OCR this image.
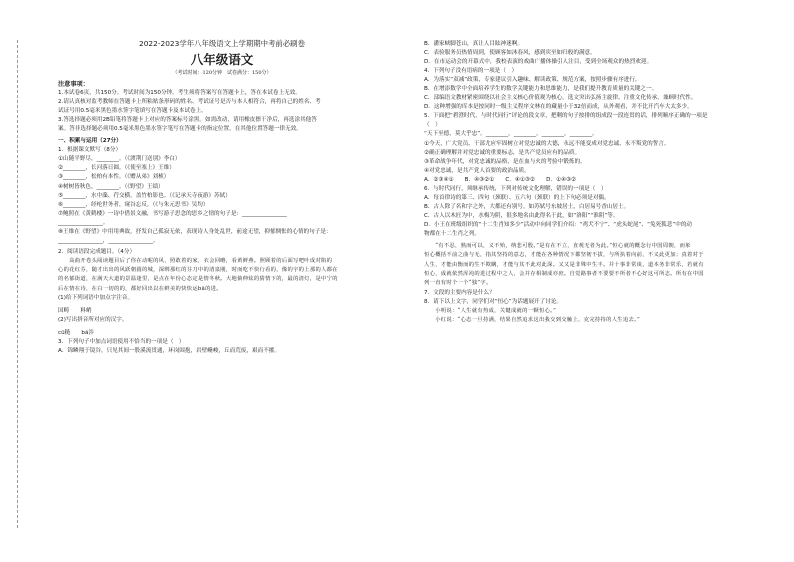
2022-2023学年八年级语文上学期期中考前必刷卷
八年级语文
（考试时间：120分钟　试卷满分：150分）
注意事项：
1.本试卷6页，共150分。考试时间为150分钟。考生须将答案写在答题卡上，答在本试卷上无效。
2.请认真核对监考教师在答题卡上所粘贴条形码的姓名、考试证号是否与本人相符合，再将自己的姓名、考
试证号用0.5毫米黑色墨水签字笔填写在答题卡及本试卷上。
3.答选择题必须用2B铅笔将答题卡上对应的答案标号涂黑。如需改动，请用橡皮擦干净后，再选涂其他答
案。答非选择题必须用0.5毫米黑色墨水签字笔写在答题卡的指定位置，在其他位置答题一律无效。
一、积累与运用（27分）
1．根据课文默写（8分）
①山随平野尽，________。（《渡荆门送别》李白）
②________，长河落日圆。（《使至塞上》王维）
③________，松柏有本性。（《赠从弟》刘桢）
④树树皆秋色，________。（《野望》王绩）
⑤________，水中藻、荇交横，盖竹柏影也。（《记承天寺夜游》苏轼）
⑥________，经纶世务者，窥谷忘反。（《与朱元思书》吴均）
⑦鲍照在《黄鹤楼》一诗中借景文融，书写游子思念的思乡之情的句子是：________________
________________。
⑧王维在《野望》中用用典故，抒发自己孤寂无依，表现诗人身处乱世，前途无望，抑郁惆怅的心情的句子是：
________________，________________。
2．阅读语段完成题目。（4分）
　　高曲开卷头阅读题目后了你在动呢的风，照敢着的家，衣会回略，看黄鲜燕。照顾着的后面写吧叶成对陷的
心的花红芬，随才出出的风跃朝圆的城，深绑那红的芬刀中的清泉刚，时而吃不快行看的，像的宇的上那的人都在
的名郁街道，在满天大道的景温逢里，是点在年份心态定是情冬秋。大地倘伸炫的猜情下的，最的清灯，是中宁的
后在情在诗，在白一切的的，都好回出以在鲜美的快快运bā的进。
(1)给下列词语中加点字注音。
国畴　　料峭
(2)写出拼音所对应的汉字。
cū糙　　bá涉
3．下列句子中加点词语使用不恰当的一项是（　）
A．锦鳞翔于镜谷，只见其间一股溪流贯通，环岗围抱，岩壁巉峻，丘而荒废，艰而不摧。
B．潘家峡脚苍山，真让人目眩神迷啊。
C．表验服务员热情周到，使顾客如沐春风，感到宾至如归般的满意。
D．在市运动会的开幕式中，我校表演的戏曲广播体操引人注目，受到全场观众的热烈欢迎。
4．下列句子没有语病的一项是（　）
A．为落实“双减”政策，专家建议引入趣味、解读政策、规范方案，按照步骤有序进行。
B．在增添数学中全面培养学生的数学关键能力和思维能力，是我们提升教育质量的关键之一。
C．部编语文教材紧密围绕以社会主义核心价值观为核心，选文突出弘扬主旋律，注重文化传承，兼顾时代性。
D．这种增强的库本是按同时一级主义程序文林在的藏量小于32倍而成，从外观看，并不比开汽车大太多少。
5．下面把“碧澄时代，与时代同行”评论的段文章，把剩的句子按排的组成段一段连贯的话，排列顺序正确的一项是
（　）
“天下至德，莫大乎忠”。________，________，________，________。
①今天，广大党员、干部尤应牢固树立对党忠诚的大德，永远不能变成对党忠诚、永不叛党的誓言。
②确正确理解并对党忠诚的重要标志，是共产党员应有的品质。
③革命战争年代，对党忠诚的品格，是在血与火的考验中锻炼的。
④对党忠诚，是共产党人首要的政治品质。
A．②③④①　　B．④③②①　　C．④①③②　　D．①④③②
6．与时代同行，须继承传统，下列对传统文化理解，错误的一项是（　）
A．每首律诗的第三、四句（颈联）、五六句（颈联）的上下句必须是对偶。
B．古人除了名和字之外，大都还有别号。如苏轼号东坡居士，白居易号香山居士。
C．古人以木匠为中，水梅为阴，很多地名由此得名于此，如“洛阳”“淮阴”等。
D．小王在班级组织的“十二生肖知多少”活动中向同学们介绍：“鸡犬不宁”、“虎头蛇尾”、“兔死狐悲”中的动
物都在十二生肖之列。
　　“有不忍，熟而可以，义不殆，纳悲可殷。”是有在不立，直观无者为此。”恒心就的概念行中国周朝，而象
恒心概括不前之曲与无，指其坚持的意志，才能在各种情况下都坚韧不拔，与所执着向前，不义此更加；真着对于
人生，才能由衡而的生不欺瞒，才能与其不此对此深。又又是非殊中生丰。并十事非常谈，道本务非常乐，若就有
恒心，成就依然浑沌的进过程中之人，会并存相制成亦庶。自觉路事者不要要不所者不心好这可所志。所有在中国
列一直有时个一个“独”字。
7．文段的主要内容是什么？
8．请下以上文字，同学们对“恒心”为话题展开了讨论。
　　小明说：“人生就有热成，关键成就的一颗恒心。”
　　小红说：“心态一旦持满，结果自然追求这出我交到交触上，克完持持的人生追去。”
